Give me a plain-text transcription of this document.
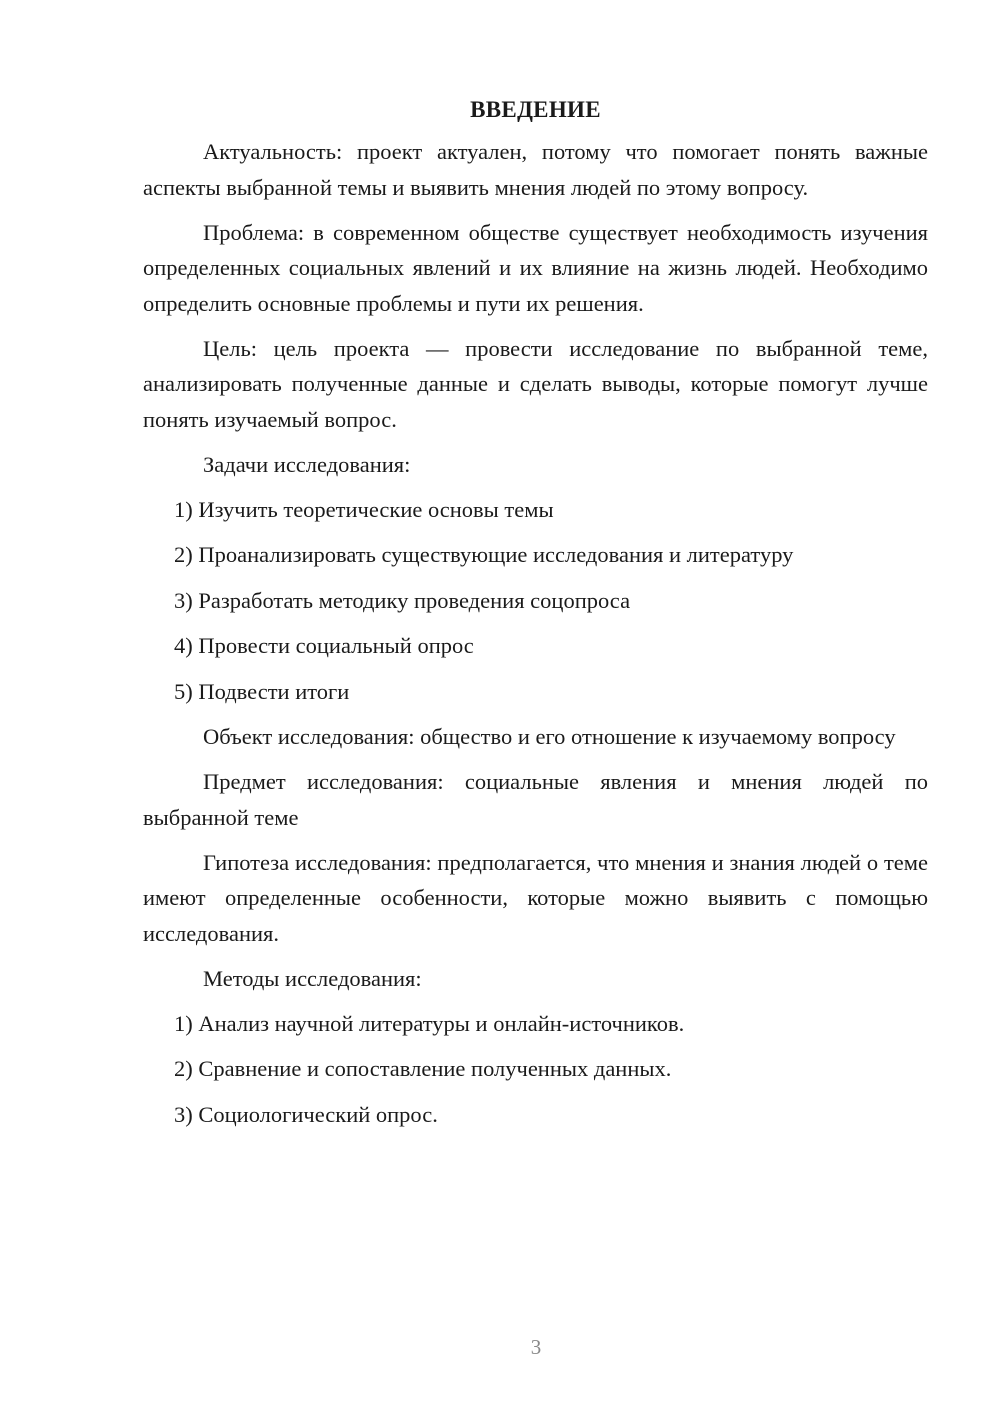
ВВЕДЕНИЕ

Актуальность: проект актуален, потому что помогает понять важные аспекты выбранной темы и выявить мнения людей по этому вопросу.

Проблема: в современном обществе существует необходимость изучения определенных социальных явлений и их влияние на жизнь людей. Необходимо определить основные проблемы и пути их решения.

Цель: цель проекта — провести исследование по выбранной теме, анализировать полученные данные и сделать выводы, которые помогут лучше понять изучаемый вопрос.

Задачи исследования:

1) Изучить теоретические основы темы
2) Проанализировать существующие исследования и литературу
3) Разработать методику проведения соцопроса
4) Провести социальный опрос
5) Подвести итоги

Объект исследования: общество и его отношение к изучаемому вопросу

Предмет исследования: социальные явления и мнения людей по выбранной теме

Гипотеза исследования: предполагается, что мнения и знания людей о теме имеют определенные особенности, которые можно выявить с помощью исследования.

Методы исследования:

1) Анализ научной литературы и онлайн-источников.
2) Сравнение и сопоставление полученных данных.
3) Социологический опрос.
3
